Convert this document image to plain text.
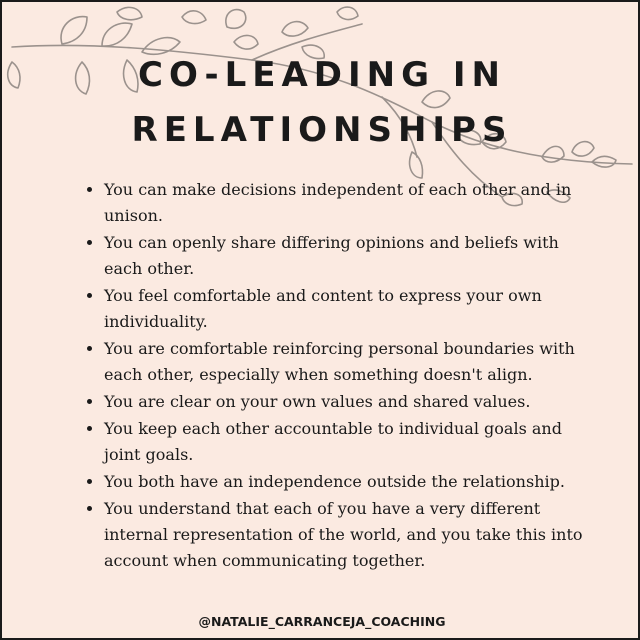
CO-LEADING IN
RELATIONSHIPS
• You can make decisions independent of each other and in unison.
• You can openly share differing opinions and beliefs with each other.
• You feel comfortable and content to express your own individuality.
• You are comfortable reinforcing personal boundaries with each other, especially when something doesn't align.
• You are clear on your own values and shared values.
• You keep each other accountable to individual goals and joint goals.
• You both have an independence outside the relationship.
• You understand that each of you have a very different internal representation of the world, and you take this into account when communicating together.
@NATALIE_CARRANCEJA_COACHING
